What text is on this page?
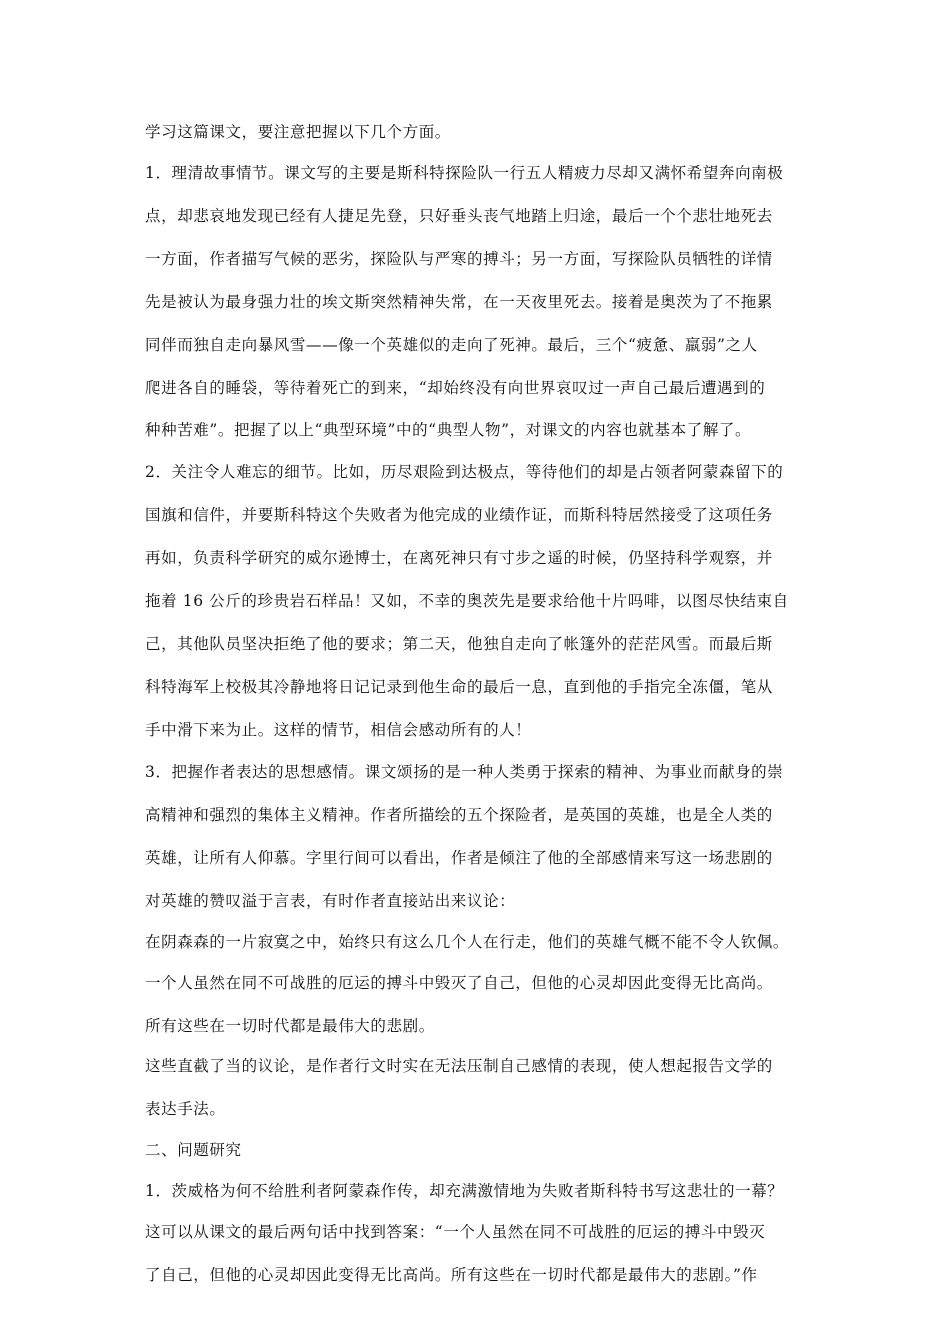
学习这篇课文，要注意把握以下几个方面。
1．理清故事情节。课文写的主要是斯科特探险队一行五人精疲力尽却又满怀希望奔向南极
点，却悲哀地发现已经有人捷足先登，只好垂头丧气地踏上归途，最后一个个悲壮地死去
一方面，作者描写气候的恶劣，探险队与严寒的搏斗；另一方面，写探险队员牺牲的详情
先是被认为最身强力壮的埃文斯突然精神失常，在一天夜里死去。接着是奥茨为了不拖累
同伴而独自走向暴风雪——像一个英雄似的走向了死神。最后，三个“疲惫、羸弱”之人
爬进各自的睡袋，等待着死亡的到来，“却始终没有向世界哀叹过一声自己最后遭遇到的
种种苦难”。把握了以上“典型环境”中的“典型人物”，对课文的内容也就基本了解了。
2．关注令人难忘的细节。比如，历尽艰险到达极点，等待他们的却是占领者阿蒙森留下的
国旗和信件，并要斯科特这个失败者为他完成的业绩作证，而斯科特居然接受了这项任务
再如，负责科学研究的威尔逊博士，在离死神只有寸步之遥的时候，仍坚持科学观察，并
拖着 16 公斤的珍贵岩石样品！又如，不幸的奥茨先是要求给他十片吗啡，以图尽快结束自
己，其他队员坚决拒绝了他的要求；第二天，他独自走向了帐篷外的茫茫风雪。而最后斯
科特海军上校极其冷静地将日记记录到他生命的最后一息，直到他的手指完全冻僵，笔从
手中滑下来为止。这样的情节，相信会感动所有的人！
3．把握作者表达的思想感情。课文颂扬的是一种人类勇于探索的精神、为事业而献身的崇
高精神和强烈的集体主义精神。作者所描绘的五个探险者，是英国的英雄，也是全人类的
英雄，让所有人仰慕。字里行间可以看出，作者是倾注了他的全部感情来写这一场悲剧的
对英雄的赞叹溢于言表，有时作者直接站出来议论：
在阴森森的一片寂寞之中，始终只有这么几个人在行走，他们的英雄气概不能不令人钦佩。
一个人虽然在同不可战胜的厄运的搏斗中毁灭了自己，但他的心灵却因此变得无比高尚。
所有这些在一切时代都是最伟大的悲剧。
这些直截了当的议论，是作者行文时实在无法压制自己感情的表现，使人想起报告文学的
表达手法。
二、问题研究
1．茨威格为何不给胜利者阿蒙森作传，却充满激情地为失败者斯科特书写这悲壮的一幕？
这可以从课文的最后两句话中找到答案：“一个人虽然在同不可战胜的厄运的搏斗中毁灭
了自己，但他的心灵却因此变得无比高尚。所有这些在一切时代都是最伟大的悲剧。”作
